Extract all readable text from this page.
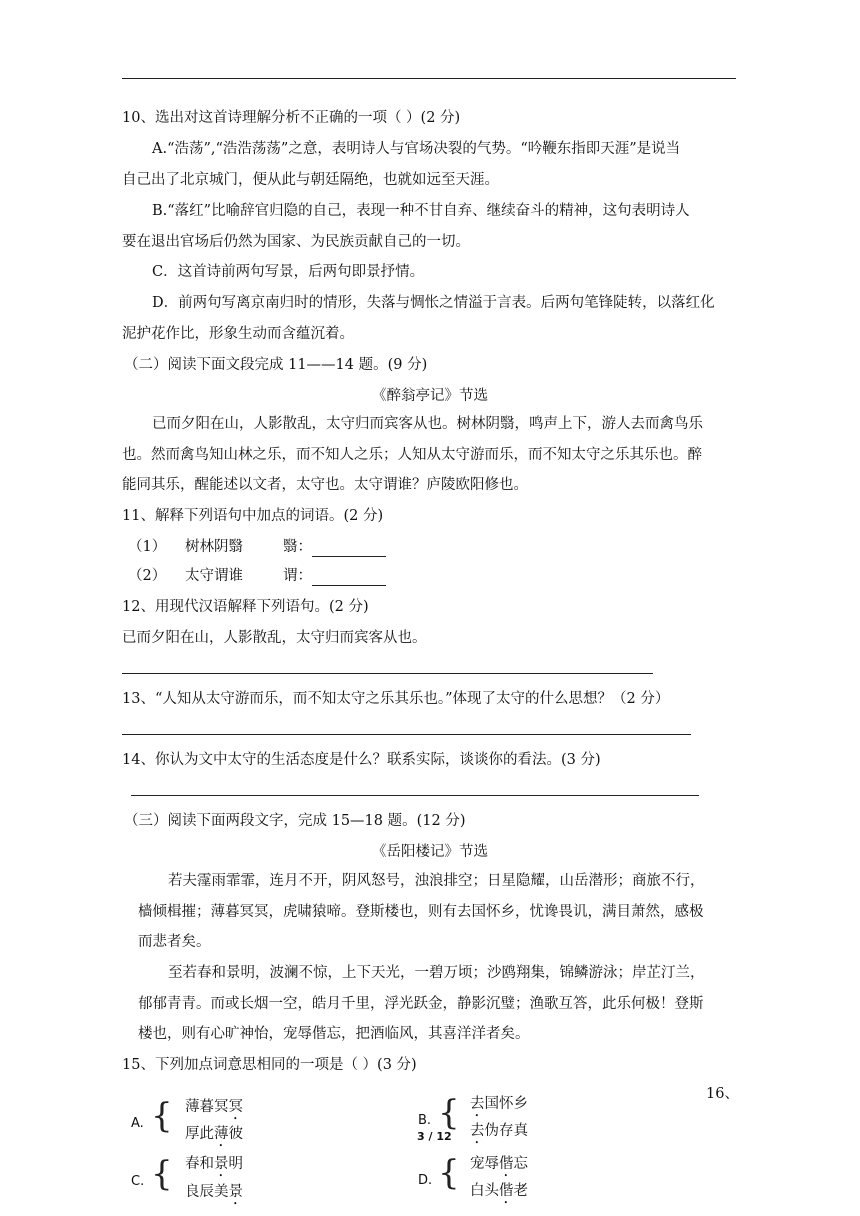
10、选出对这首诗理解分析不正确的一项（ ）(2 分)
A.“浩荡”,“浩浩荡荡”之意，表明诗人与官场决裂的气势。“吟鞭东指即天涯”是说当
自己出了北京城门，便从此与朝廷隔绝，也就如远至天涯。
B.“落红”比喻辞官归隐的自己，表现一种不甘自弃、继续奋斗的精神，这句表明诗人
要在退出官场后仍然为国家、为民族贡献自己的一切。
C．这首诗前两句写景，后两句即景抒情。
D．前两句写离京南归时的情形，失落与惆怅之情溢于言表。后两句笔锋陡转，以落红化
泥护花作比，形象生动而含蕴沉着。
（二）阅读下面文段完成 11——14 题。(9 分)
《醉翁亭记》节选
已而夕阳在山，人影散乱，太守归而宾客从也。树林阴翳，鸣声上下，游人去而禽鸟乐
也。然而禽鸟知山林之乐，而不知人之乐；人知从太守游而乐，而不知太守之乐其乐也。醉
能同其乐，醒能述以文者，太守也。太守谓谁？庐陵欧阳修也。
11、解释下列语句中加点的词语。(2 分)
（1） 树林阴翳	翳：
（2） 太守谓谁	谓：
12、用现代汉语解释下列语句。(2 分)
已而夕阳在山，人影散乱，太守归而宾客从也。
13、“人知从太守游而乐，而不知太守之乐其乐也。”体现了太守的什么思想？（2 分）
14、你认为文中太守的生活态度是什么？联系实际，谈谈你的看法。(3 分)
（三）阅读下面两段文字，完成 15—18 题。(12 分)
《岳阳楼记》节选
若夫霪雨霏霏，连月不开，阴风怒号，浊浪排空；日星隐耀，山岳潜形；商旅不行，
樯倾楫摧；薄暮冥冥，虎啸猿啼。登斯楼也，则有去国怀乡，忧谗畏讥，满目萧然，感极
而悲者矣。
至若春和景明，波澜不惊，上下天光，一碧万顷；沙鸥翔集，锦鳞游泳；岸芷汀兰，
郁郁青青。而或长烟一空，皓月千里，浮光跃金，静影沉璧；渔歌互答，此乐何极！登斯
楼也，则有心旷神怡，宠辱偕忘，把酒临风，其喜洋洋者矣。
15、下列加点词意思相同的一项是（ ）(3 分)
16、
A. { 薄暮冥冥
厚此薄彼
B. { 去国怀乡
去伪存真
3 / 12
C. { 春和景明
良辰美景
D. { 宠辱偕忘
白头偕老
